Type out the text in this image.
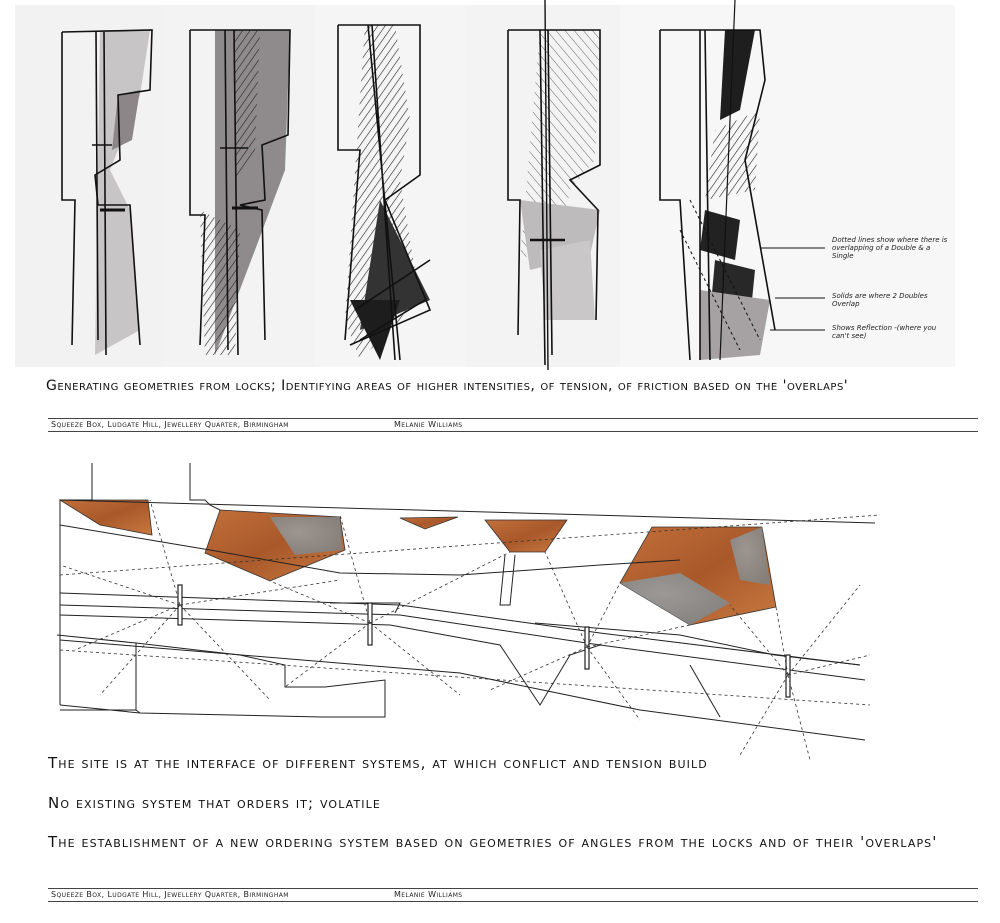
Dotted lines show where there is overlapping of a Double & a Single
Solids are where 2 Doubles Overlap
Shows Reflection -(where you can't see)
Generating geometries from locks; Identifying areas of higher intensities, of tension, of friction based on the 'overlaps'
Squeeze Box, Ludgate Hill, Jewellery Quarter, Birmingham	Melanie Williams
The site is at the interface of different systems, at which conflict and tension build
No existing system that orders it; volatile
The establishment of a new ordering system based on geometries of angles from the locks and of their 'overlaps'
Squeeze Box, Ludgate Hill, Jewellery Quarter, Birmingham	Melanie Williams
